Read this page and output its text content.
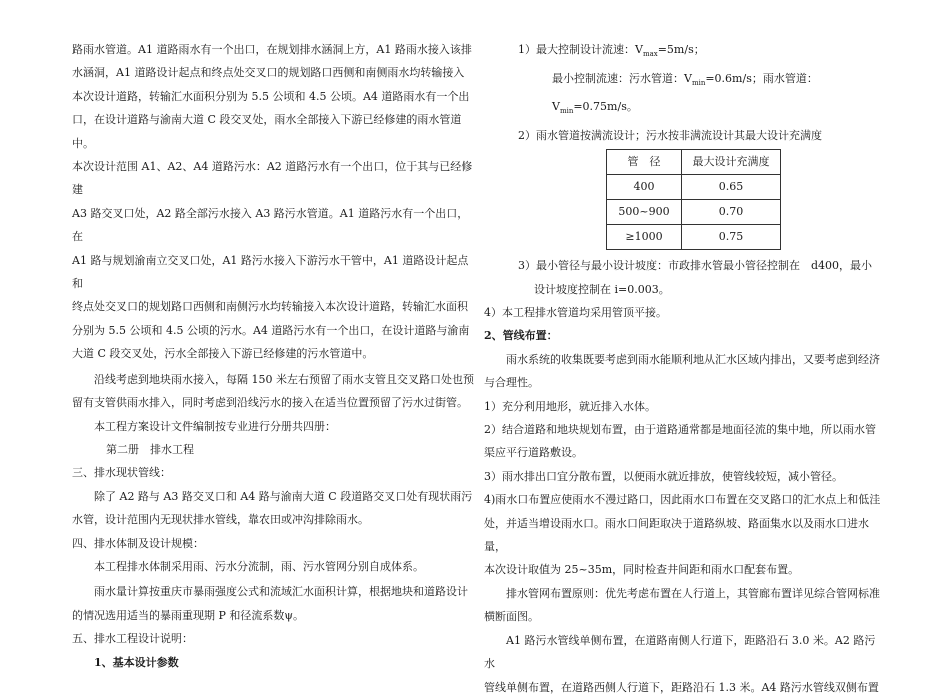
路雨水管道。A1 道路雨水有一个出口，在规划排水涵洞上方，A1 路雨水接入该排
水涵洞，A1 道路设计起点和终点处交叉口的规划路口西侧和南侧雨水均转输接入
本次设计道路，转输汇水面积分别为 5.5 公顷和 4.5 公顷。A4 道路雨水有一个出
口，在设计道路与渝南大道 C 段交叉处，雨水全部接入下游已经修建的雨水管道中。
本次设计范围 A1、A2、A4 道路污水：A2 道路污水有一个出口，位于其与已经修建
A3 路交叉口处，A2 路全部污水接入 A3 路污水管道。A1 道路污水有一个出口，在
A1 路与规划渝南立交叉口处，A1 路污水接入下游污水干管中，A1 道路设计起点和
终点处交叉口的规划路口西侧和南侧污水均转输接入本次设计道路，转输汇水面积
分别为 5.5 公顷和 4.5 公顷的污水。A4 道路污水有一个出口，在设计道路与渝南
大道 C 段交叉处，污水全部接入下游已经修建的污水管道中。

沿线考虑到地块雨水接入，每隔 150 米左右预留了雨水支管且交叉路口处也预
留有支管供雨水排入，同时考虑到沿线污水的接入在适当位置预留了污水过街管。

本工程方案设计文件编制按专业进行分册共四册：

第二册　排水工程

三、排水现状管线：

除了 A2 路与 A3 路交叉口和 A4 路与渝南大道 C 段道路交叉口处有现状雨污
水管，设计范围内无现状排水管线，靠农田或冲沟排除雨水。

四、排水体制及设计规模：

本工程排水体制采用雨、污水分流制，雨、污水管网分别自成体系。

雨水量计算按重庆市暴雨强度公式和流域汇水面积计算，根据地块和道路设计
的情况选用适当的暴雨重现期 P 和径流系数ψ。

五、排水工程设计说明：

1、基本设计参数

1）最大控制设计流速：$V_{max}=5m/s$；

最小控制流速：污水管道：$V_{min}=0.6m/s$；雨水管道：$V_{min}=0.75m/s$。

2）雨水管道按满流设计；污水按非满流设计其最大设计充满度

管　径	最大设计充满度
400	0.65
500~900	0.70
≥1000	0.75

3）最小管径与最小设计坡度：市政排水管最小管径控制在　d400，最小

设计坡度控制在 i=0.003。

4）本工程排水管道均采用管顶平接。

2、管线布置：

雨水系统的收集既要考虑到雨水能顺利地从汇水区域内排出，又要考虑到经济
与合理性。

1）充分利用地形，就近排入水体。

2）结合道路和地块规划布置，由于道路通常都是地面径流的集中地，所以雨水管
渠应平行道路敷设。

3）雨水排出口宜分散布置，以便雨水就近排放，使管线较短，减小管径。

4)雨水口布置应使雨水不漫过路口，因此雨水口布置在交叉路口的汇水点上和低洼
处，并适当增设雨水口。雨水口间距取决于道路纵坡、路面集水以及雨水口进水量，
本次设计取值为 25~35m，同时检查井间距和雨水口配套布置。

排水管网布置原则：优先考虑布置在人行道上，其管廊布置详见综合管网标准
横断面图。

A1 路污水管线单侧布置，在道路南侧人行道下，距路沿石 3.0 米。A2 路污水
管线单侧布置，在道路西侧人行道下，距路沿石 1.3 米。A4 路污水管线双侧布置
